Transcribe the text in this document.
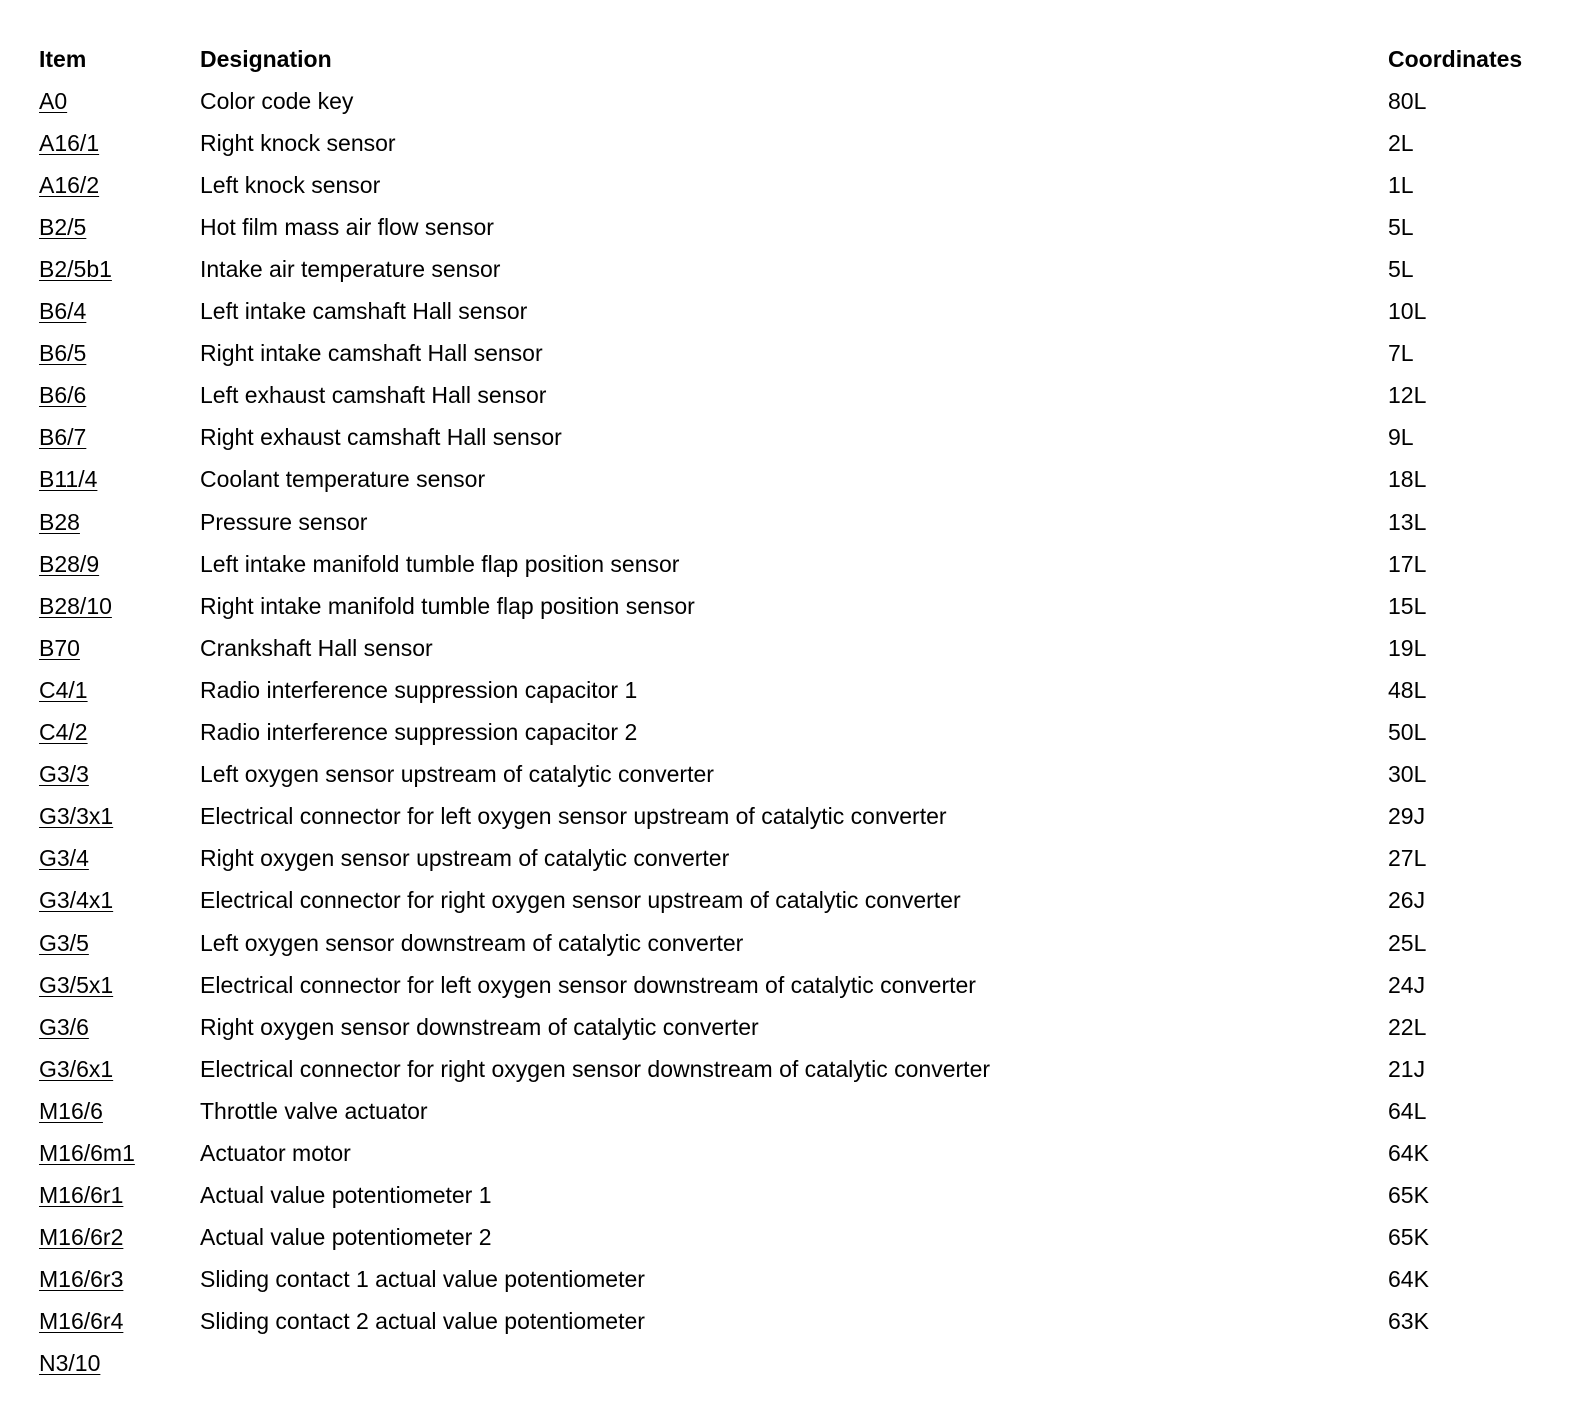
Item	Designation	Coordinates
A0	Color code key	80L
A16/1	Right knock sensor	2L
A16/2	Left knock sensor	1L
B2/5	Hot film mass air flow sensor	5L
B2/5b1	Intake air temperature sensor	5L
B6/4	Left intake camshaft Hall sensor	10L
B6/5	Right intake camshaft Hall sensor	7L
B6/6	Left exhaust camshaft Hall sensor	12L
B6/7	Right exhaust camshaft Hall sensor	9L
B11/4	Coolant temperature sensor	18L
B28	Pressure sensor	13L
B28/9	Left intake manifold tumble flap position sensor	17L
B28/10	Right intake manifold tumble flap position sensor	15L
B70	Crankshaft Hall sensor	19L
C4/1	Radio interference suppression capacitor 1	48L
C4/2	Radio interference suppression capacitor 2	50L
G3/3	Left oxygen sensor upstream of catalytic converter	30L
G3/3x1	Electrical connector for left oxygen sensor upstream of catalytic converter	29J
G3/4	Right oxygen sensor upstream of catalytic converter	27L
G3/4x1	Electrical connector for right oxygen sensor upstream of catalytic converter	26J
G3/5	Left oxygen sensor downstream of catalytic converter	25L
G3/5x1	Electrical connector for left oxygen sensor downstream of catalytic converter	24J
G3/6	Right oxygen sensor downstream of catalytic converter	22L
G3/6x1	Electrical connector for right oxygen sensor downstream of catalytic converter	21J
M16/6	Throttle valve actuator	64L
M16/6m1	Actuator motor	64K
M16/6r1	Actual value potentiometer 1	65K
M16/6r2	Actual value potentiometer 2	65K
M16/6r3	Sliding contact 1 actual value potentiometer	64K
M16/6r4	Sliding contact 2 actual value potentiometer	63K
N3/10
